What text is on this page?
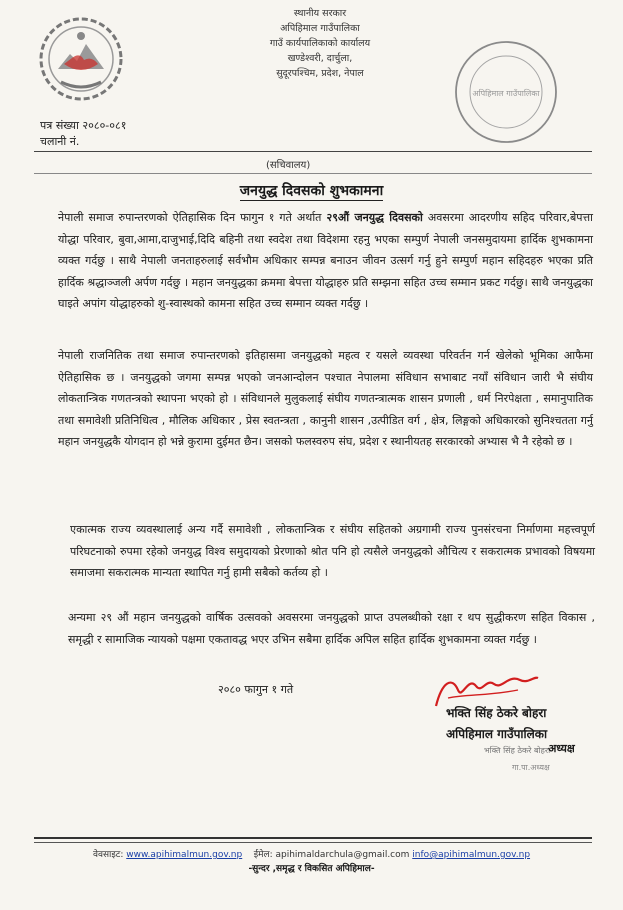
स्थानीय सरकार
अपिहिमाल गाउँपालिका
गाउँ कार्यपालिकाको कार्यालय
खण्डेश्वरी, दार्चुला,
सुदूरपश्चिम, प्रदेश, नेपाल
अपिहिमाल गाउँपालिका
पत्र संख्या २०८०-०८१
चलानी नं.
(सचिवालय)
जनयुद्ध दिवसको शुभकामना

नेपाली समाज रुपान्तरणको ऐतिहासिक दिन फागुन १ गते अर्थात २९औं जनयुद्ध दिवसको अवसरमा आदरणीय सहिद परिवार,बेपत्ता योद्धा परिवार, बुवा,आमा,दाजुभाई,दिदि बहिनी तथा स्वदेश तथा विदेशमा रहनु भएका सम्पुर्ण नेपाली जनसमुदायमा हार्दिक शुभकामना व्यक्त गर्दछु । साथै नेपाली जनताहरुलाई सर्वभौम अधिकार सम्पन्न बनाउन जीवन उत्सर्ग गर्नु हुने सम्पुर्ण महान सहिदहरु भएका प्रति हार्दिक श्रद्धाञ्जली अर्पण गर्दछु । महान जनयुद्धका क्रममा बेपत्ता योद्धाहरु प्रति सम्झना सहित उच्च सम्मान प्रकट गर्दछु। साथै जनयुद्धका घाइते अपांग योद्धाहरुको शु-स्वास्थको कामना सहित उच्च सम्मान व्यक्त गर्दछु ।

नेपाली राजनितिक तथा समाज रुपान्तरणको इतिहासमा जनयुद्धको महत्व र यसले व्यवस्था परिवर्तन गर्न खेलेको भूमिका आफैमा ऐतिहासिक छ । जनयुद्धको जगमा सम्पन्न भएको जनआन्दोलन पश्चात नेपालमा संविधान सभाबाट नयाँ संविधान जारी भै संघीय लोकतान्त्रिक गणतन्त्रको स्थापना भएको हो । संविधानले मुलुकलाई संघीय गणतन्त्रात्मक शासन प्रणाली , धर्म निरपेक्षता , समानुपातिक तथा समावेशी प्रतिनिधित्व , मौलिक अधिकार , प्रेस स्वतन्त्रता , कानुनी शासन ,उत्पीडित वर्ग , क्षेत्र, लिङ्गको अधिकारको सुनिश्चतता गर्नु महान जनयुद्धकै योगदान हो भन्ने कुरामा दुईमत छैन। जसको फलस्वरुप संघ, प्रदेश र स्थानीयतह सरकारको अभ्यास भै नै रहेको छ ।

एकात्मक राज्य व्यवस्थालाई अन्य गर्दै समावेशी , लोकतान्त्रिक र संघीय सहितको अग्रगामी राज्य पुनसंरचना निर्माणमा महत्त्वपूर्ण परिघटनाको रुपमा रहेको जनयुद्ध विश्व समुदायको प्रेरणाको श्रोत पनि हो त्यसैले जनयुद्धको औचित्य र सकरात्मक प्रभावको विषयमा समाजमा सकरात्मक मान्यता स्थापित गर्नु हामी सबैको कर्तव्य हो ।

अन्यमा २९ औं महान जनयुद्धको वार्षिक उत्सवको अवसरमा जनयुद्धको प्राप्त उपलब्धीको रक्षा र थप सुद्धीकरण सहित विकास , समृद्धी र सामाजिक न्यायको पक्षमा एकतावद्ध भएर उभिन सबैमा हार्दिक अपिल सहित हार्दिक शुभकामना व्यक्त गर्दछु ।

२०८० फागुन १ गते
भक्ति सिंह ठेकरे बोहरा
अपिहिमाल गाउँपालिका
भक्ति सिंह ठेकरे बोहरा
अध्यक्ष
गा.पा.अध्यक्ष
वेवसाइट: www.apihimalmun.gov.np ईमेल: apihimaldarchula@gmail.com info@apihimalmun.gov.np
-सुन्दर ,समृद्ध र विकसित अपिहिमाल-
